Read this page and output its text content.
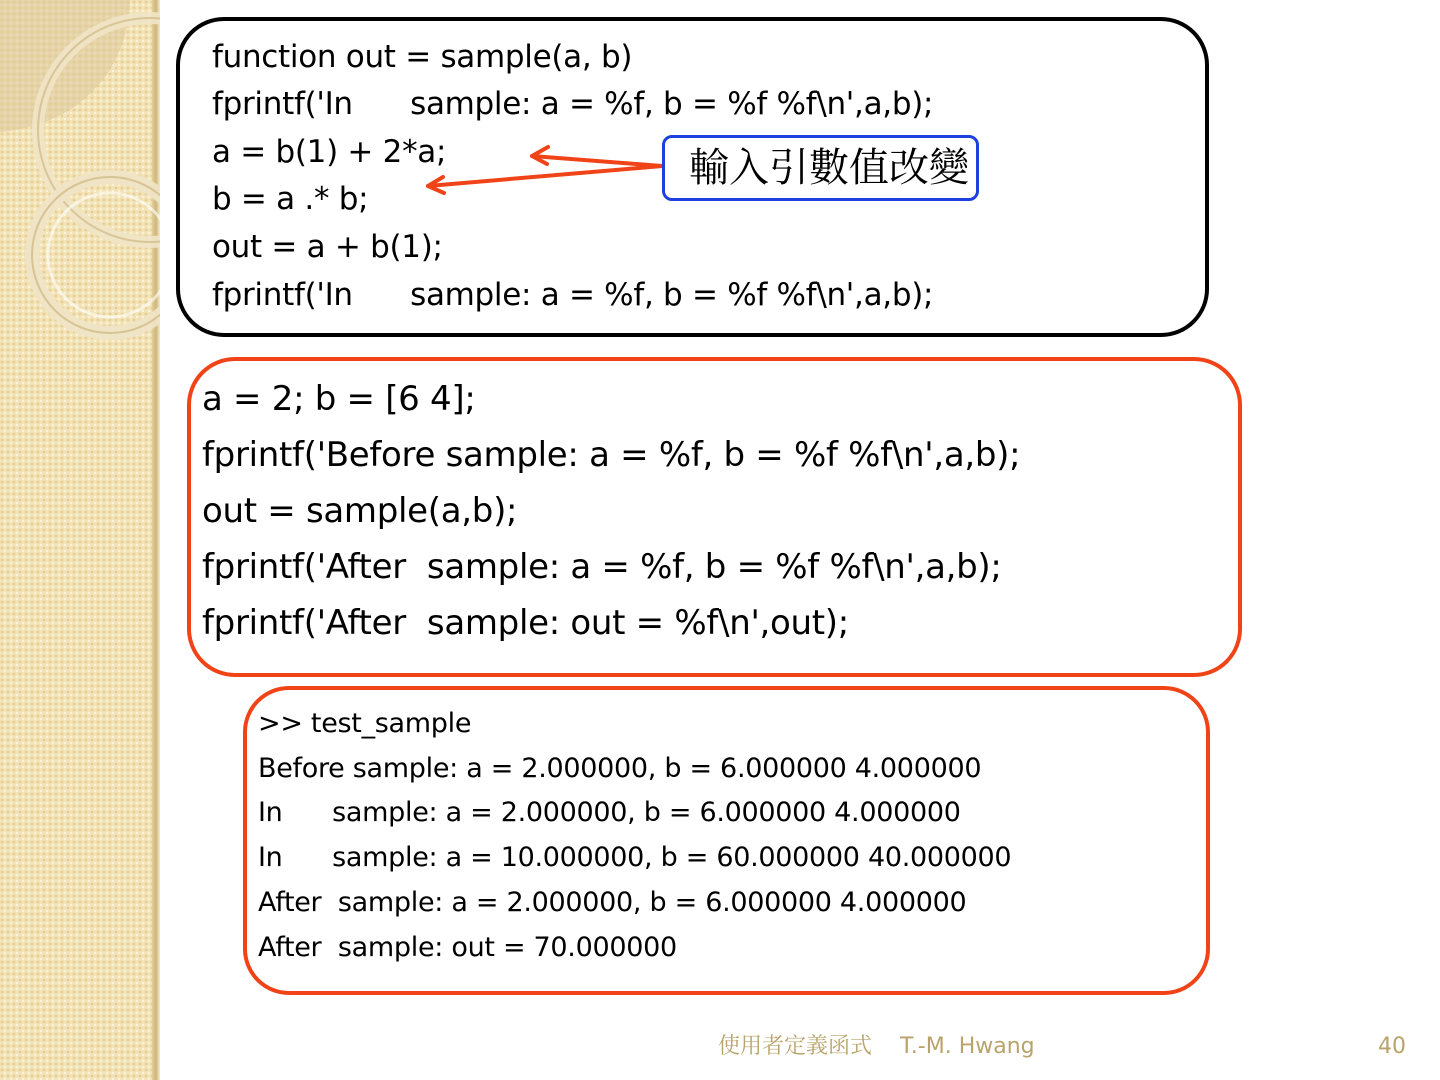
function out = sample(a, b)
fprintf('In      sample: a = %f, b = %f %f\n',a,b);
a = b(1) + 2*a;
b = a .* b;
out = a + b(1);
fprintf('In      sample: a = %f, b = %f %f\n',a,b);
輸入引數值改變
a = 2; b = [6 4];
fprintf('Before sample: a = %f, b = %f %f\n',a,b);
out = sample(a,b);
fprintf('After  sample: a = %f, b = %f %f\n',a,b);
fprintf('After  sample: out = %f\n',out);
>> test_sample
Before sample: a = 2.000000, b = 6.000000 4.000000
In      sample: a = 2.000000, b = 6.000000 4.000000
In      sample: a = 10.000000, b = 60.000000 40.000000
After  sample: a = 2.000000, b = 6.000000 4.000000
After  sample: out = 70.000000
使用者定義函式    T.-M. Hwang	40
